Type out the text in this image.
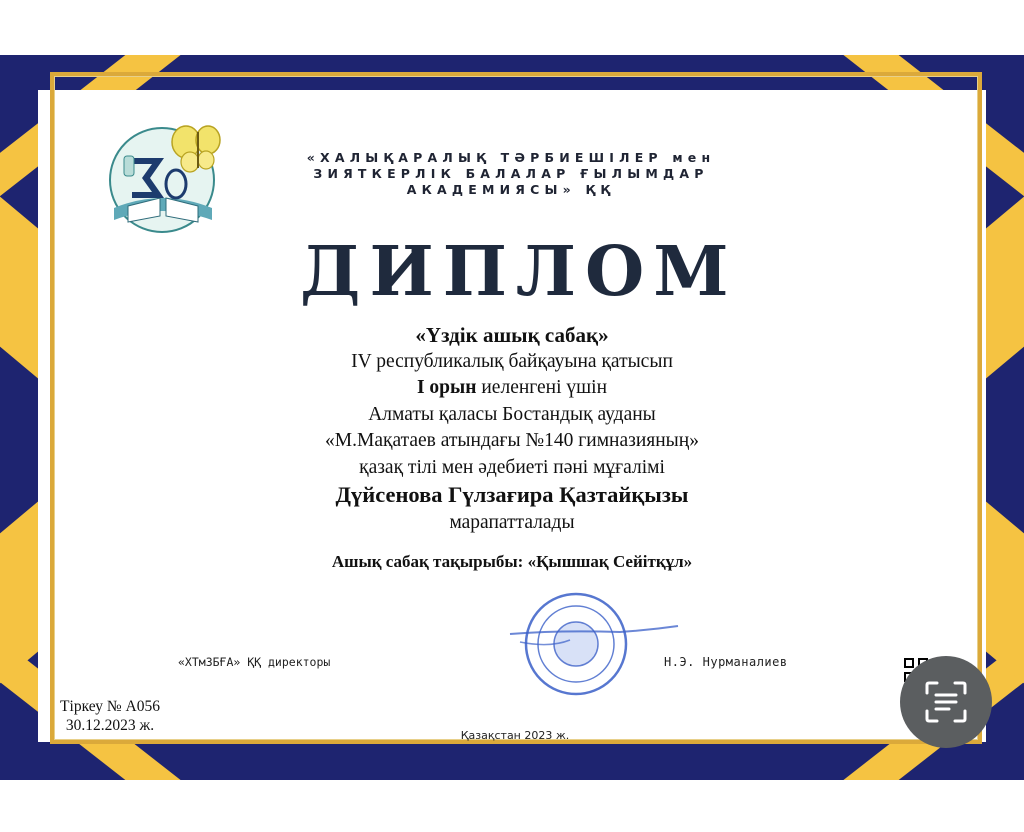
«ХАЛЫҚАРАЛЫҚ ТӘРБИЕШІЛЕР мен
ЗИЯТКЕРЛІК БАЛАЛАР ҒЫЛЫМДАР
АКАДЕМИЯСЫ» ҚҚ
ДИПЛОМ
«Үздік ашық сабақ»
IV республикалық байқауына қатысып
I орын иеленгені үшін
Алматы қаласы Бостандық ауданы
«М.Мақатаев атындағы №140 гимназияның»
қазақ тілі мен әдебиеті пәні мұғалімі
Дүйсенова Гүлзағира Қазтайқызы
марапатталады
Ашық сабақ тақырыбы: «Қышшақ Сейітқұл»
«ХТмЗБҒА» ҚҚ директоры	Н.Э. Нурманалиев
Тіркеу № А056
30.12.2023 ж.
Қазақстан 2023 ж.
